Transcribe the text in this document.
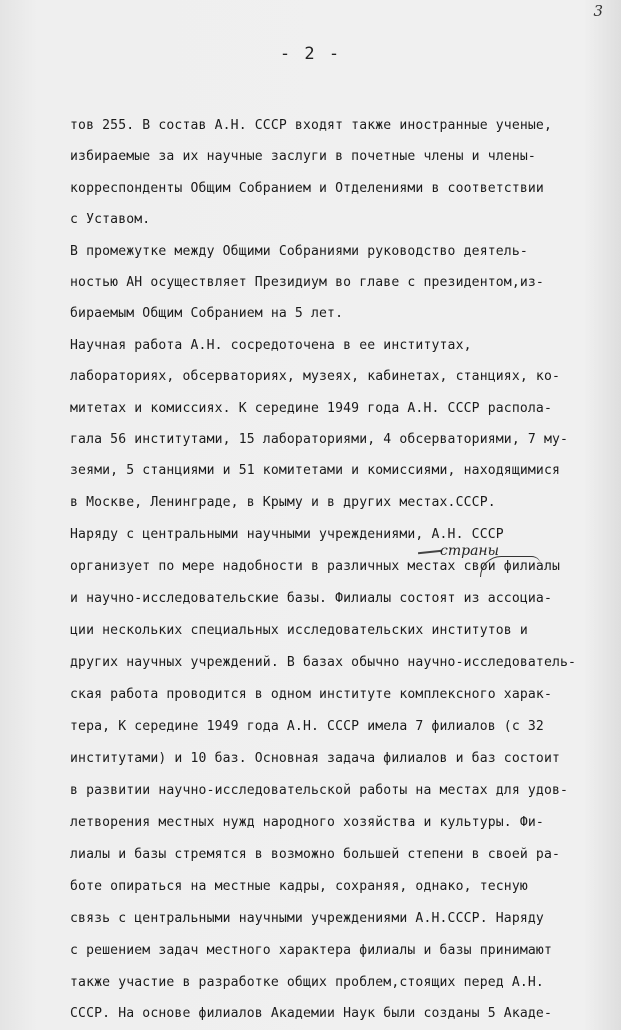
3
- 2 -
тов 255. В состав А.Н. СССР входят также иностранные ученые,
избираемые за их научные заслуги в почетные члены и члены-
корреспонденты Общим Собранием и Отделениями в соответствии
с Уставом.
В промежутке между Общими Собраниями руководство деятель-
ностью АН осуществляет Президиум во главе с президентом,из-
бираемым Общим Собранием на 5 лет.
Научная работа А.Н. сосредоточена в ее институтах,
лабораториях, обсерваториях, музеях, кабинетах, станциях, ко-
митетах и комиссиях. К середине 1949 года А.Н. СССР распола-
гала 56 институтами, 15 лабораториями, 4 обсерваториями, 7 му-
зеями, 5 станциями и 51 комитетами и комиссиями, находящимися
в Москве, Ленинграде, в Крыму и в других местах.СССР.
Наряду с центральными научными учреждениями, А.Н. СССР
организует по мере надобности в различных местах свои филиалы
и научно-исследовательские базы. Филиалы состоят из ассоциа-
ции нескольких специальных исследовательских институтов и
других научных учреждений. В базах обычно научно-исследователь-
ская работа проводится в одном институте комплексного харак-
тера, К середине 1949 года А.Н. СССР имела 7 филиалов (с 32
институтами) и 10 баз. Основная задача филиалов и баз состоит
в развитии научно-исследовательской работы на местах для удов-
летворения местных нужд народного хозяйства и культуры. Фи-
лиалы и базы стремятся в возможно большей степени в своей ра-
боте опираться на местные кадры, сохраняя, однако, тесную
связь с центральными научными учреждениями А.Н.СССР. Наряду
с решением задач местного характера филиалы и базы принимают
также участие в разработке общих проблем,стоящих перед А.Н.
СССР. На основе филиалов Академии Наук были созданы 5 Акаде-
страны
